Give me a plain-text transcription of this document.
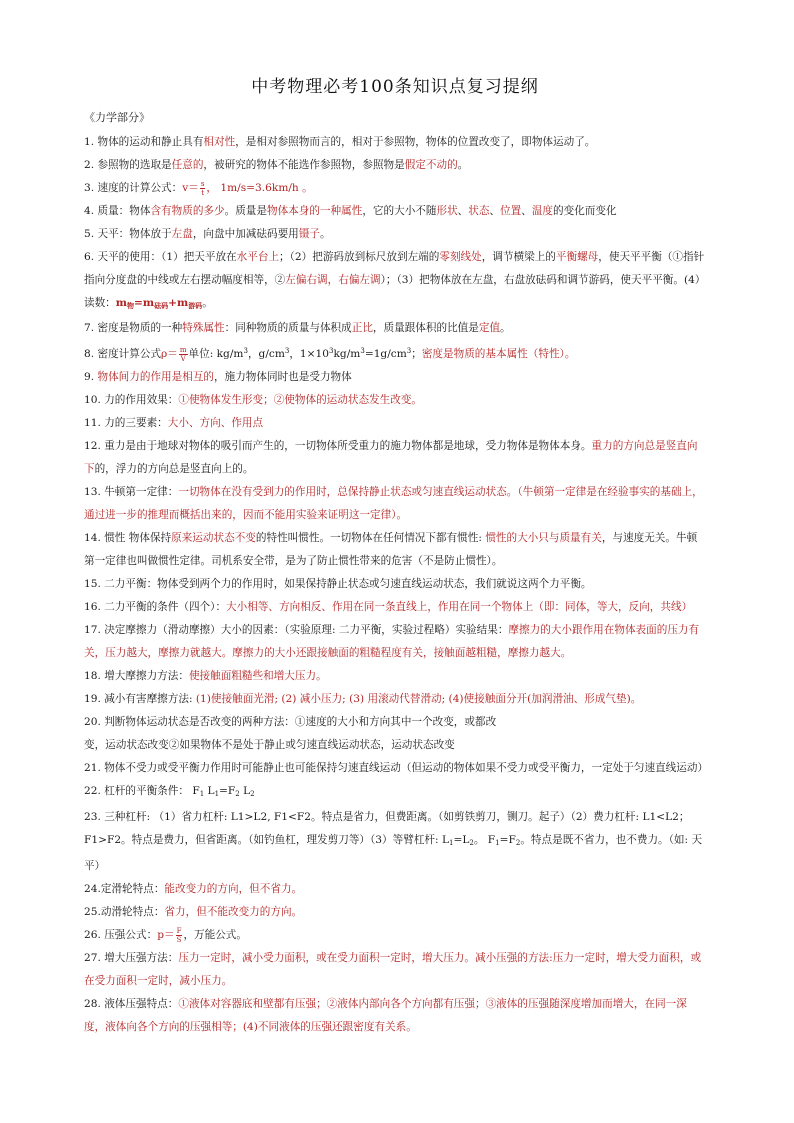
中考物理必考100条知识点复习提纲
《力学部分》

1. 物体的运动和静止具有相对性，是相对参照物而言的，相对于参照物，物体的位置改变了，即物体运动了。

2. 参照物的选取是任意的，被研究的物体不能选作参照物，参照物是假定不动的。

3. 速度的计算公式：$v= \frac{s}{t}$ ， 1m/s=3.6km/h 。

4. 质量：物体含有物质的多少。质量是物体本身的一种属性，它的大小不随形状、状态、位置、温度的变化而变化

5. 天平：物体放于左盘，向盘中加减砝码要用镊子。

6. 天平的使用：（1）把天平放在水平台上；（2）把游码放到标尺放到左端的零刻线处，调节横梁上的平衡螺母，使天平平衡（①指针指向分度盘的中线或左右摆动幅度相等，②左偏右调，右偏左调）；（3）把物体放在左盘，右盘放砝码和调节游码，使天平平衡。(4）读数：$m_物=m_{砝码}+m_{游码}$。

7. 密度是物质的一种特殊属性：同种物质的质量与体积成正比，质量跟体积的比值是定值。

8. 密度计算公式$\rho= \frac{m}{V}$ 单位: $kg/m^3$，$g/cm^3$，$1\times 10^3kg/m^3=1g/cm^3$；密度是物质的基本属性（特性）。

9. 物体间力的作用是相互的，施力物体同时也是受力物体

10. 力的作用效果：①使物体发生形变；②使物体的运动状态发生改变。

11. 力的三要素：大小、方向、作用点

12. 重力是由于地球对物体的吸引而产生的，一切物体所受重力的施力物体都是地球，受力物体是物体本身。重力的方向总是竖直向下的，浮力的方向总是竖直向上的。

13. 牛顿第一定律：一切物体在没有受到力的作用时，总保持静止状态或匀速直线运动状态。（牛顿第一定律是在经验事实的基础上，通过进一步的推理而概括出来的，因而不能用实验来证明这一定律）。

14. 惯性 物体保持原来运动状态不变的特性叫惯性。一切物体在任何情况下都有惯性: 惯性的大小只与质量有关，与速度无关。牛顿第一定律也叫做惯性定律。司机系安全带，是为了防止惯性带来的危害（不是防止惯性）。

15. 二力平衡：物体受到两个力的作用时，如果保持静止状态或匀速直线运动状态，我们就说这两个力平衡。

16. 二力平衡的条件（四个）：大小相等、方向相反、作用在同一条直线上，作用在同一个物体上（即：同体，等大，反向，共线）

17. 决定摩擦力（滑动摩擦）大小的因素：（实验原理: 二力平衡，实验过程略）实验结果：摩擦力的大小跟作用在物体表面的压力有关，压力越大，摩擦力就越大。摩擦力的大小还跟接触面的粗糙程度有关，接触面越粗糙，摩擦力越大。

18. 增大摩擦力方法：使接触面粗糙些和增大压力。

19. 减小有害摩擦方法: (1)使接触面光滑; (2) 减小压力; (3) 用滚动代替滑动; (4)使接触面分开(加润滑油、形成气垫)。

20. 判断物体运动状态是否改变的两种方法：①速度的大小和方向其中一个改变，或都改

变，运动状态改变②如果物体不是处于静止或匀速直线运动状态，运动状态改变

21. 物体不受力或受平衡力作用时可能静止也可能保持匀速直线运动（但运动的物体如果不受力或受平衡力，一定处于匀速直线运动）

22. 杠杆的平衡条件： $F_1$ $L_1=F_2$ $L_2$

23. 三种杠杆: （1）省力杠杆: L1>L2, F1<F2。特点是省力，但费距离。（如剪铁剪刀，铡刀。起子）（2）费力杠杆: L1<L2；F1>F2。特点是费力，但省距离。（如钓鱼杠，理发剪刀等）（3）等臂杠杆: $L_1=L_2$。 $F_1=F_2$。特点是既不省力，也不费力。（如: 天平）

24.定滑轮特点：能改变力的方向，但不省力。

25.动滑轮特点：省力，但不能改变力的方向。

26. 压强公式：$p= \frac{F}{S}$ ，万能公式。

27. 增大压强方法：压力一定时，减小受力面积，或在受力面积一定时，增大压力。减小压强的方法:压力一定时，增大受力面积，或在受力面积一定时，减小压力。

28. 液体压强特点：①液体对容器底和壁都有压强；②液体内部向各个方向都有压强；③液体的压强随深度增加而增大，在同一深度，液体向各个方向的压强相等；(4)不同液体的压强还跟密度有关系。
